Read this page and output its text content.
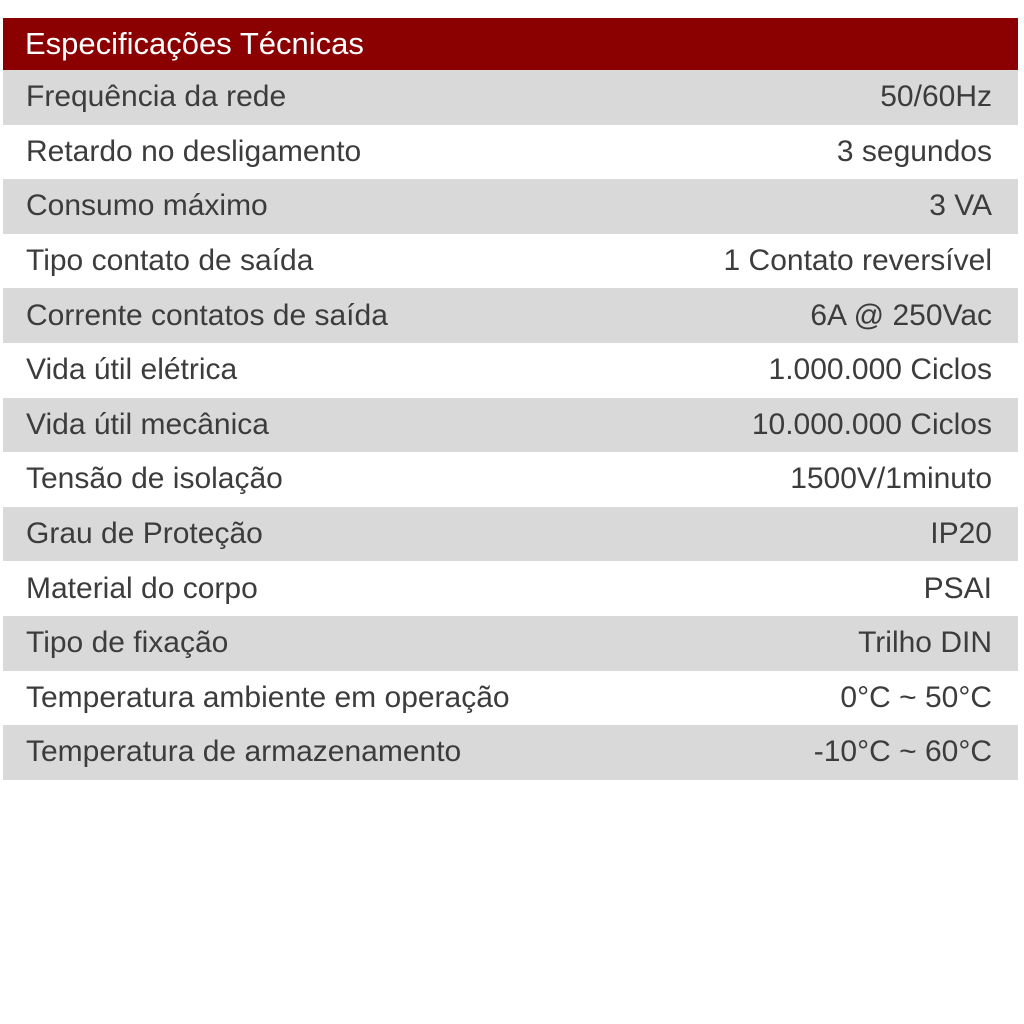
Especificações Técnicas
Frequência da rede	50/60Hz
Retardo no desligamento	3 segundos
Consumo máximo	3 VA
Tipo contato de saída	1 Contato reversível
Corrente contatos de saída	6A @ 250Vac
Vida útil elétrica	1.000.000 Ciclos
Vida útil mecânica	10.000.000 Ciclos
Tensão de isolação	1500V/1minuto
Grau de Proteção	IP20
Material do corpo	PSAI
Tipo de fixação	Trilho DIN
Temperatura ambiente em operação	0°C ~ 50°C
Temperatura de armazenamento	-10°C ~ 60°C
